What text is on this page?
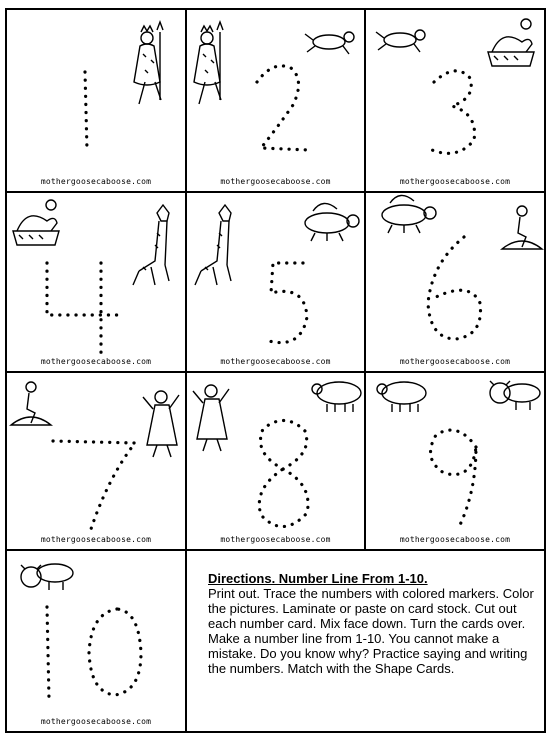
mothergoosecaboose.com	mothergoosecaboose.com	mothergoosecaboose.com
mothergoosecaboose.com	mothergoosecaboose.com	mothergoosecaboose.com
mothergoosecaboose.com	mothergoosecaboose.com	mothergoosecaboose.com
mothergoosecaboose.com
Directions. Number Line From 1-10.
Print out. Trace the numbers with colored markers. Color the pictures. Laminate or paste on card stock. Cut out each number card. Mix face down. Turn the cards over. Make a number line from 1-10. You cannot make a mistake. Do you know why? Practice saying and writing the numbers. Match with the Shape Cards.
